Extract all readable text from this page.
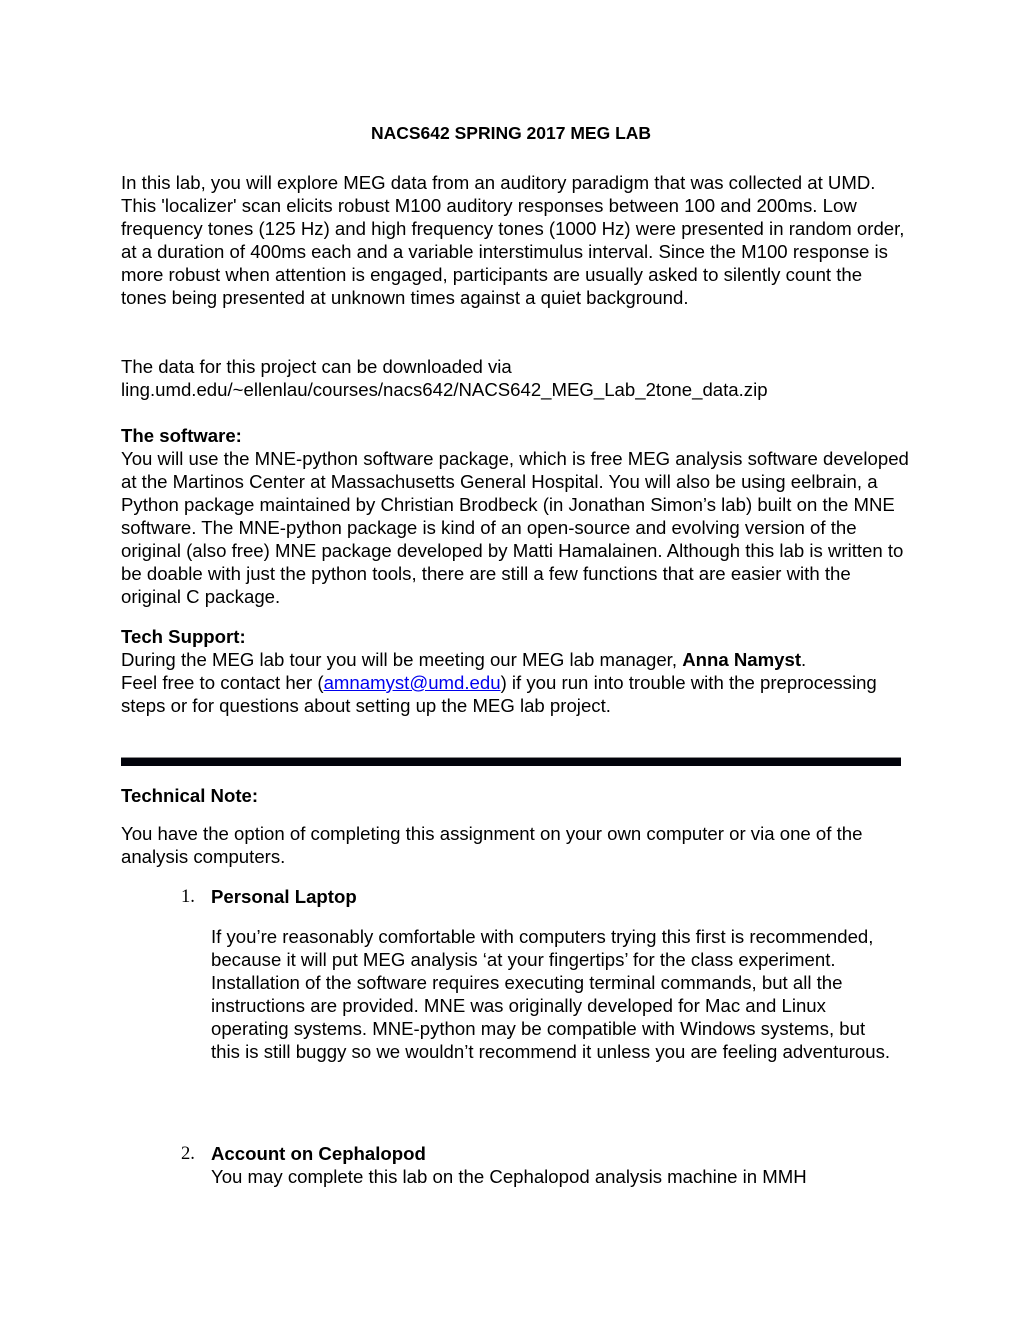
NACS642 SPRING 2017 MEG LAB

In this lab, you will explore MEG data from an auditory paradigm that was collected at UMD. This 'localizer' scan elicits robust M100 auditory responses between 100 and 200ms. Low frequency tones (125 Hz) and high frequency tones (1000 Hz) were presented in random order, at a duration of 400ms each and a variable interstimulus interval. Since the M100 response is more robust when attention is engaged, participants are usually asked to silently count the tones being presented at unknown times against a quiet background.

The data for this project can be downloaded via
ling.umd.edu/~ellenlau/courses/nacs642/NACS642_MEG_Lab_2tone_data.zip

The software:

You will use the MNE-python software package, which is free MEG analysis software developed at the Martinos Center at Massachusetts General Hospital. You will also be using eelbrain, a Python package maintained by Christian Brodbeck (in Jonathan Simon’s lab) built on the MNE software. The MNE-python package is kind of an open-source and evolving version of the original (also free) MNE package developed by Matti Hamalainen. Although this lab is written to be doable with just the python tools, there are still a few functions that are easier with the original C package.

Tech Support:

During the MEG lab tour you will be meeting our MEG lab manager, Anna Namyst.
Feel free to contact her (amnamyst@umd.edu) if you run into trouble with the preprocessing steps or for questions about setting up the MEG lab project.

Technical Note:

You have the option of completing this assignment on your own computer or via one of the analysis computers.

1. Personal Laptop

If you’re reasonably comfortable with computers trying this first is recommended, because it will put MEG analysis ‘at your fingertips’ for the class experiment. Installation of the software requires executing terminal commands, but all the instructions are provided. MNE was originally developed for Mac and Linux operating systems. MNE-python may be compatible with Windows systems, but this is still buggy so we wouldn’t recommend it unless you are feeling adventurous.

2. Account on Cephalopod

You may complete this lab on the Cephalopod analysis machine in MMH
